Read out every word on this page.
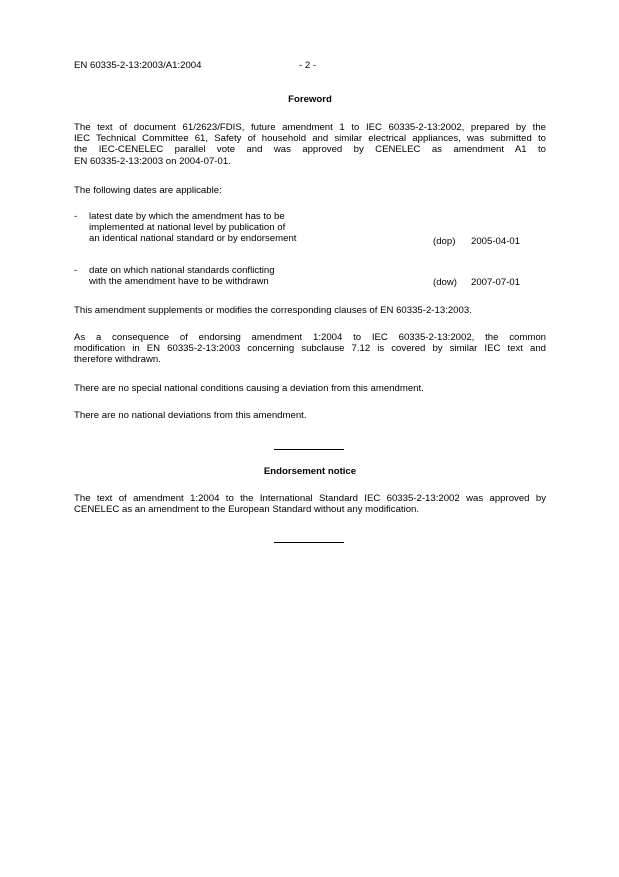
EN 60335-2-13:2003/A1:2004	- 2 -
Foreword

The text of document 61/2623/FDIS, future amendment 1 to IEC 60335-2-13:2002, prepared by the

IEC Technical Committee 61, Safety of household and similar electrical appliances, was submitted to

the IEC-CENELEC parallel vote and was approved by CENELEC as amendment A1 to

EN 60335-2-13:2003 on 2004-07-01.

The following dates are applicable:
- latest date by which the amendment has to be
implemented at national level by publication of
an identical national standard or by endorsement	(dop) 2005-04-01
- date on which national standards conflicting
with the amendment have to be withdrawn	(dow) 2007-07-01
This amendment supplements or modifies the corresponding clauses of EN 60335-2-13:2003.

As a consequence of endorsing amendment 1:2004 to IEC 60335-2-13:2002, the common

modification in EN 60335-2-13:2003 concerning subclause 7.12 is covered by similar IEC text and

therefore withdrawn.

There are no special national conditions causing a deviation from this amendment.
There are no national deviations from this amendment.
Endorsement notice

The text of amendment 1:2004 to the International Standard IEC 60335-2-13:2002 was approved by

CENELEC as an amendment to the European Standard without any modification.
